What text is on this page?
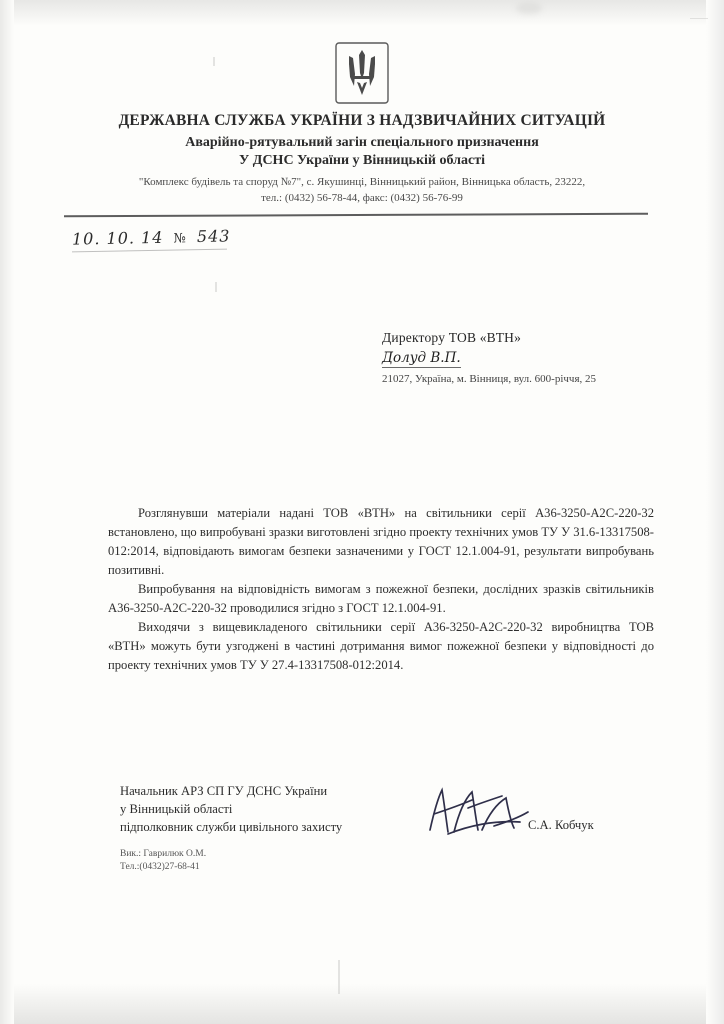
ДЕРЖАВНА СЛУЖБА УКРАЇНИ З НАДЗВИЧАЙНИХ СИТУАЦІЙ
Аварійно-рятувальний загін спеціального призначення
У ДСНС України у Вінницькій області
"Комплекс будівель та споруд №7", с. Якушинці, Вінницький район, Вінницька область, 23222,
тел.: (0432) 56-78-44, факс: (0432) 56-76-99
10. 10. 14 № 543
Директору ТОВ «ВТН»
Долуд В.П.
21027, Україна, м. Вінниця, вул. 600-річчя, 25

Розглянувши матеріали надані ТОВ «ВТН» на світильники серії А36-3250-А2С-220-32 встановлено, що випробувані зразки виготовлені згідно проекту технічних умов ТУ У 31.6-13317508-012:2014, відповідають вимогам безпеки зазначеними у ГОСТ 12.1.004-91, результати випробувань позитивні.

Випробування на відповідність вимогам з пожежної безпеки, дослідних зразків світильників А36-3250-А2С-220-32 проводилися згідно з ГОСТ 12.1.004-91.

Виходячи з вищевикладеного світильники серії А36-3250-А2С-220-32 виробництва ТОВ «ВТН» можуть бути узгоджені в частині дотримання вимог пожежної безпеки у відповідності до проекту технічних умов ТУ У 27.4-13317508-012:2014.

Начальник АРЗ СП ГУ ДСНС України
у Вінницькій області
підполковник служби цивільного захисту	С.А. Кобчук
Вик.: Гаврилюк О.М.
Тел.:(0432)27-68-41
